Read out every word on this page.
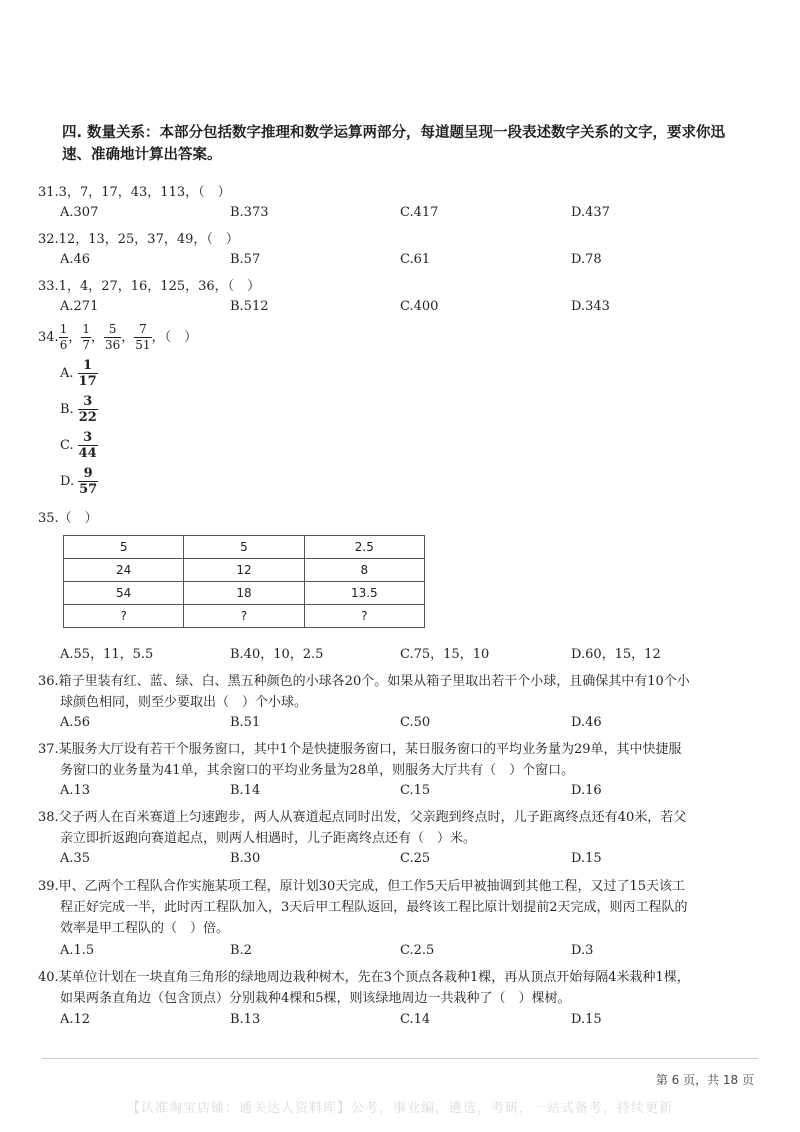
四. 数量关系：本部分包括数字推理和数学运算两部分，每道题呈现一段表述数字关系的文字，要求你迅速、准确地计算出答案。
31.3，7，17，43，113，（　）
A.307	B.373	C.417	D.437
32.12，13，25，37，49，（　）
A.46	B.57	C.61	D.78
33.1，4，27，16，125，36，（　）
A.271	B.512	C.400	D.343
34. $\frac{1}{6}$ ， $\frac{1}{7}$ ， $\frac{5}{36}$ ， $\frac{7}{51}$ ，（　）
A. $\frac{1}{17}$
B. $\frac{3}{22}$
C. $\frac{3}{44}$
D. $\frac{9}{57}$
35.（　）
5	5	2.5
24	12	8
54	18	13.5
?	?	?
A.55，11，5.5	B.40，10，2.5	C.75，15，10	D.60，15，12
36.箱子里装有红、蓝、绿、白、黑五种颜色的小球各20个。如果从箱子里取出若干个小球，且确保其中有10个小
球颜色相同，则至少要取出（　）个小球。
A.56	B.51	C.50	D.46
37.某服务大厅设有若干个服务窗口，其中1个是快捷服务窗口，某日服务窗口的平均业务量为29单，其中快捷服
务窗口的业务量为41单，其余窗口的平均业务量为28单，则服务大厅共有（　）个窗口。
A.13	B.14	C.15	D.16
38.父子两人在百米赛道上匀速跑步，两人从赛道起点同时出发，父亲跑到终点时，儿子距离终点还有40米，若父
亲立即折返跑向赛道起点，则两人相遇时，儿子距离终点还有（　）米。
A.35	B.30	C.25	D.15
39.甲、乙两个工程队合作实施某项工程，原计划30天完成，但工作5天后甲被抽调到其他工程，又过了15天该工
程正好完成一半，此时丙工程队加入，3天后甲工程队返回，最终该工程比原计划提前2天完成，则丙工程队的
效率是甲工程队的（　）倍。
A.1.5	B.2	C.2.5	D.3
40.某单位计划在一块直角三角形的绿地周边栽种树木，先在3个顶点各栽种1棵，再从顶点开始每隔4米栽种1棵，
如果两条直角边（包含顶点）分别栽种4棵和5棵，则该绿地周边一共栽种了（　）棵树。
A.12	B.13	C.14	D.15
第 6 页，共 18 页
【认准淘宝店铺：通关达人资料库】公考，事业编，遴选，考研，一站式备考，持续更新
